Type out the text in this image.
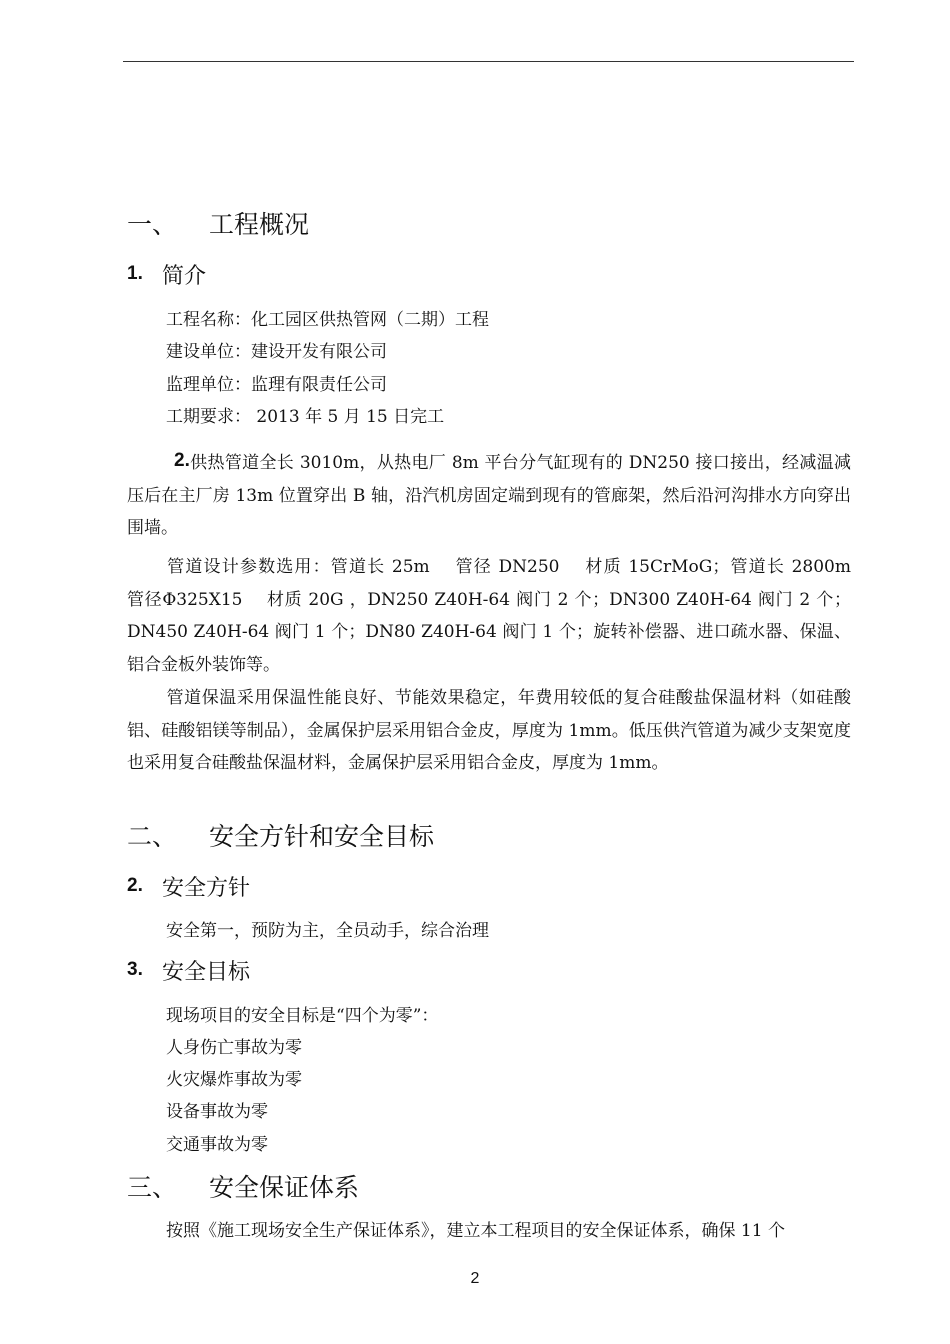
一、 工程概况
1. 简介
工程名称：化工园区供热管网（二期）工程
建设单位：建设开发有限公司
监理单位：监理有限责任公司
工期要求： 2013 年 5 月 15 日完工
2.供热管道全长 3010m，从热电厂 8m 平台分气缸现有的 DN250 接口接出，经减温减压后在主厂房 13m 位置穿出 B 轴，沿汽机房固定端到现有的管廊架，然后沿河沟排水方向穿出围墙。
管道设计参数选用：管道长 25m　 管径 DN250　 材质 15CrMoG；管道长 2800m　 管径Φ325X15　 材质 20G ，DN250 Z40H-64 阀门 2 个；DN300 Z40H-64 阀门 2 个；DN450 Z40H-64 阀门 1 个；DN80 Z40H-64 阀门 1 个；旋转补偿器、进口疏水器、保温、铝合金板外装饰等。
管道保温采用保温性能良好、节能效果稳定，年费用较低的复合硅酸盐保温材料（如硅酸铝、硅酸铝镁等制品），金属保护层采用铝合金皮，厚度为 1mm。低压供汽管道为减少支架宽度也采用复合硅酸盐保温材料，金属保护层采用铝合金皮，厚度为 1mm。
二、 安全方针和安全目标
2. 安全方针
安全第一，预防为主，全员动手，综合治理
3. 安全目标
现场项目的安全目标是“四个为零”：
人身伤亡事故为零
火灾爆炸事故为零
设备事故为零
交通事故为零
三、 安全保证体系
按照《施工现场安全生产保证体系》，建立本工程项目的安全保证体系，确保 11 个
2
